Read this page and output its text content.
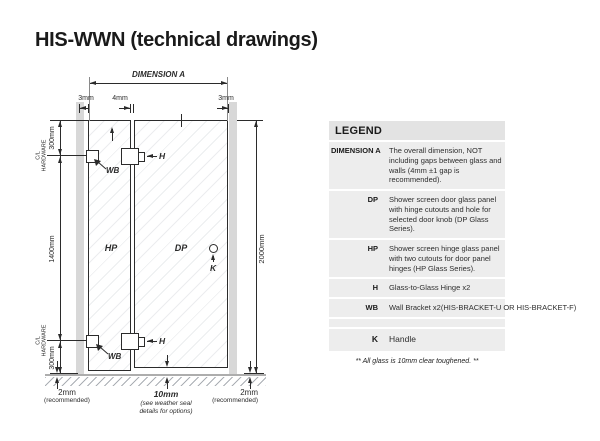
HIS-WWN (technical drawings)
DIMENSION A
3mm	4mm	3mm
300mm
C/L HARDWARE
1400mm
C/L HARDWARE
300mm
2000mm
H
H
WB
WB
K
HP	DP
2mm
(recommended)
10mm
(see weather seal
details for options)
2mm
(recommended)
LEGEND
DIMENSION A The overall dimension, NOT including gaps between glass and walls (4mm ±1 gap is recommended).
DP Shower screen door glass panel with hinge cutouts and hole for selected door knob (DP Glass Series).
HP Shower screen hinge glass panel with two cutouts for door panel hinges (HP Glass Series).
H Glass-to-Glass Hinge x2
WB Wall Bracket x2(HIS-BRACKET-U OR HIS-BRACKET-F)
K Handle
** All glass is 10mm clear toughened. **
